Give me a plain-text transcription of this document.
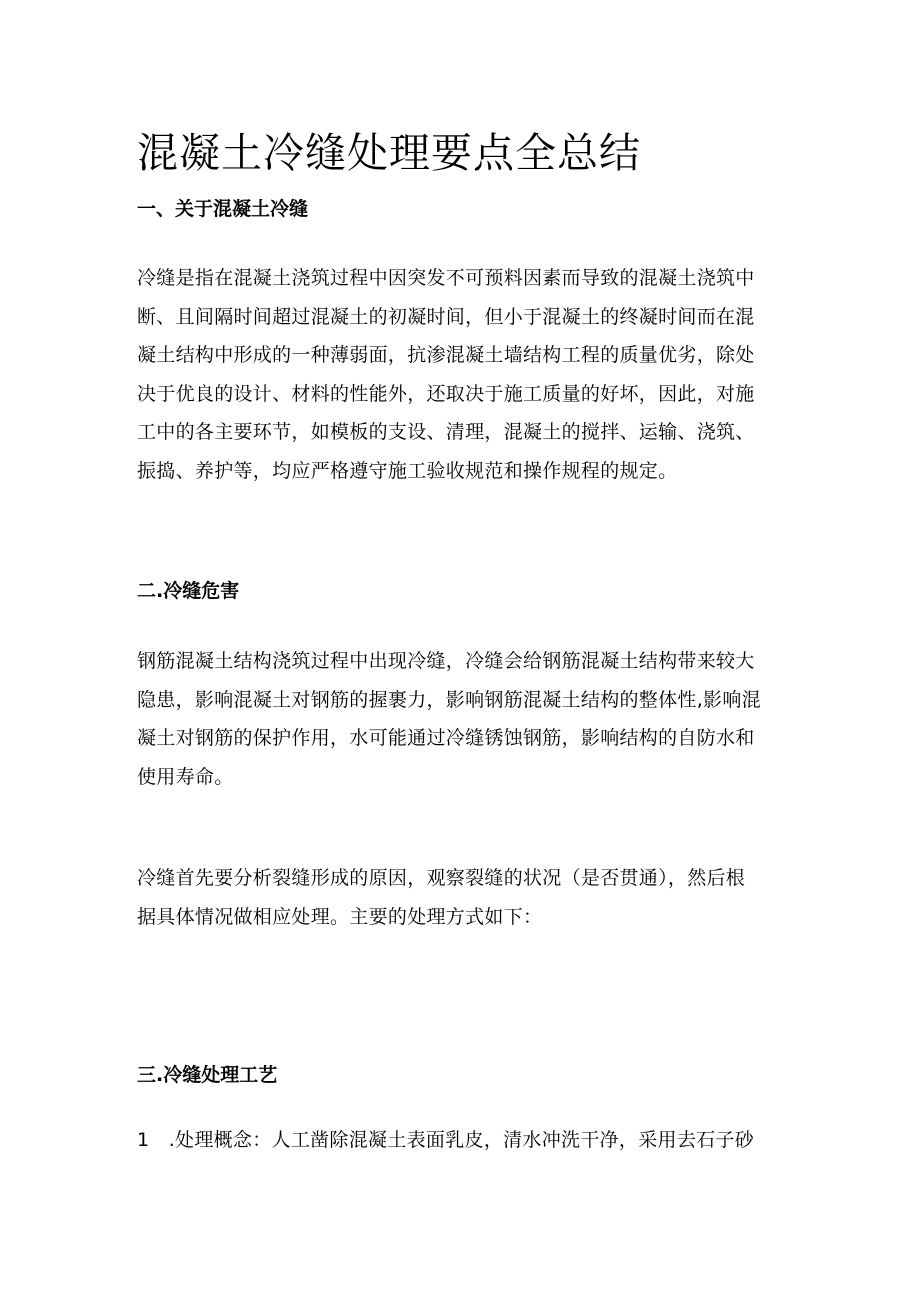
混凝土冷缝处理要点全总结
一、关于混凝土冷缝
冷缝是指在混凝土浇筑过程中因突发不可预料因素而导致的混凝土浇筑中
断、且间隔时间超过混凝土的初凝时间，但小于混凝土的终凝时间而在混
凝土结构中形成的一种薄弱面，抗渗混凝土墙结构工程的质量优劣，除处
决于优良的设计、材料的性能外，还取决于施工质量的好坏，因此，对施
工中的各主要环节，如模板的支设、清理，混凝土的搅拌、运输、浇筑、
振捣、养护等，均应严格遵守施工验收规范和操作规程的规定。
二.冷缝危害
钢筋混凝土结构浇筑过程中出现冷缝，冷缝会给钢筋混凝土结构带来较大
隐患，影响混凝土对钢筋的握裹力，影响钢筋混凝土结构的整体性,影响混
凝土对钢筋的保护作用，水可能通过冷缝锈蚀钢筋，影响结构的自防水和
使用寿命。
冷缝首先要分析裂缝形成的原因，观察裂缝的状况（是否贯通），然后根
据具体情况做相应处理。主要的处理方式如下：
三.冷缝处理工艺
1　.处理概念：人工凿除混凝土表面乳皮，清水冲洗干净，采用去石子砂
